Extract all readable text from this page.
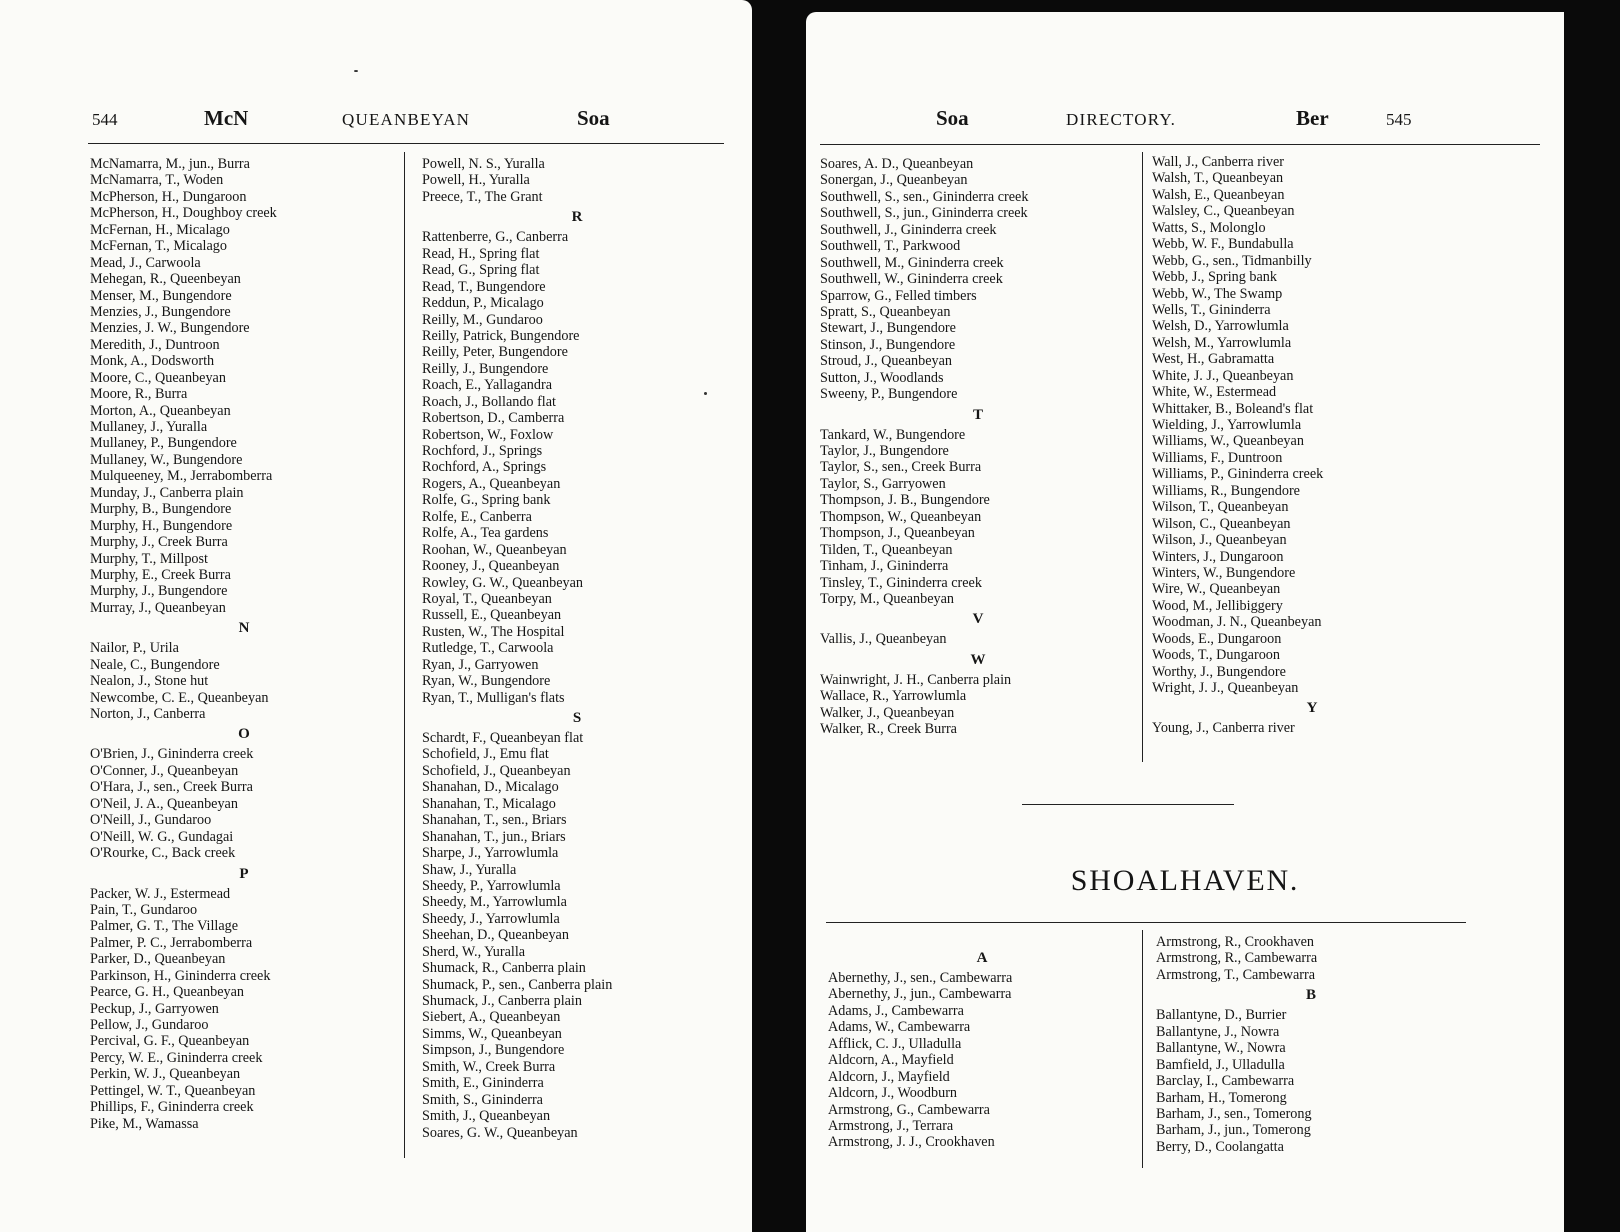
544	McN	QUEANBEYAN	Soa
McNamarra, M., jun., Burra
McNamarra, T., Woden
McPherson, H., Dungaroon
McPherson, H., Doughboy creek
McFernan, H., Micalago
McFernan, T., Micalago
Mead, J., Carwoola
Mehegan, R., Queenbeyan
Menser, M., Bungendore
Menzies, J., Bungendore
Menzies, J. W., Bungendore
Meredith, J., Duntroon
Monk, A., Dodsworth
Moore, C., Queanbeyan
Moore, R., Burra
Morton, A., Queanbeyan
Mullaney, J., Yuralla
Mullaney, P., Bungendore
Mullaney, W., Bungendore
Mulqueeney, M., Jerrabomberra
Munday, J., Canberra plain
Murphy, B., Bungendore
Murphy, H., Bungendore
Murphy, J., Creek Burra
Murphy, T., Millpost
Murphy, E., Creek Burra
Murphy, J., Bungendore
Murray, J., Queanbeyan
N
Nailor, P., Urila
Neale, C., Bungendore
Nealon, J., Stone hut
Newcombe, C. E., Queanbeyan
Norton, J., Canberra
O
O'Brien, J., Gininderra creek
O'Conner, J., Queanbeyan
O'Hara, J., sen., Creek Burra
O'Neil, J. A., Queanbeyan
O'Neill, J., Gundaroo
O'Neill, W. G., Gundagai
O'Rourke, C., Back creek
P
Packer, W. J., Estermead
Pain, T., Gundaroo
Palmer, G. T., The Village
Palmer, P. C., Jerrabomberra
Parker, D., Queanbeyan
Parkinson, H., Gininderra creek
Pearce, G. H., Queanbeyan
Peckup, J., Garryowen
Pellow, J., Gundaroo
Percival, G. F., Queanbeyan
Percy, W. E., Gininderra creek
Perkin, W. J., Queanbeyan
Pettingel, W. T., Queanbeyan
Phillips, F., Gininderra creek
Pike, M., Wamassa
Powell, N. S., Yuralla
Powell, H., Yuralla
Preece, T., The Grant
R
Rattenberre, G., Canberra
Read, H., Spring flat
Read, G., Spring flat
Read, T., Bungendore
Reddun, P., Micalago
Reilly, M., Gundaroo
Reilly, Patrick, Bungendore
Reilly, Peter, Bungendore
Reilly, J., Bungendore
Roach, E., Yallagandra
Roach, J., Bollando flat
Robertson, D., Camberra
Robertson, W., Foxlow
Rochford, J., Springs
Rochford, A., Springs
Rogers, A., Queanbeyan
Rolfe, G., Spring bank
Rolfe, E., Canberra
Rolfe, A., Tea gardens
Roohan, W., Queanbeyan
Rooney, J., Queanbeyan
Rowley, G. W., Queanbeyan
Royal, T., Queanbeyan
Russell, E., Queanbeyan
Rusten, W., The Hospital
Rutledge, T., Carwoola
Ryan, J., Garryowen
Ryan, W., Bungendore
Ryan, T., Mulligan's flats
S
Schardt, F., Queanbeyan flat
Schofield, J., Emu flat
Schofield, J., Queanbeyan
Shanahan, D., Micalago
Shanahan, T., Micalago
Shanahan, T., sen., Briars
Shanahan, T., jun., Briars
Sharpe, J., Yarrowlumla
Shaw, J., Yuralla
Sheedy, P., Yarrowlumla
Sheedy, M., Yarrowlumla
Sheedy, J., Yarrowlumla
Sheehan, D., Queanbeyan
Sherd, W., Yuralla
Shumack, R., Canberra plain
Shumack, P., sen., Canberra plain
Shumack, J., Canberra plain
Siebert, A., Queanbeyan
Simms, W., Queanbeyan
Simpson, J., Bungendore
Smith, W., Creek Burra
Smith, E., Gininderra
Smith, S., Gininderra
Smith, J., Queanbeyan
Soares, G. W., Queanbeyan
Soa	DIRECTORY.	Ber	545
Soares, A. D., Queanbeyan
Sonergan, J., Queanbeyan
Southwell, S., sen., Gininderra creek
Southwell, S., jun., Gininderra creek
Southwell, J., Gininderra creek
Southwell, T., Parkwood
Southwell, M., Gininderra creek
Southwell, W., Gininderra creek
Sparrow, G., Felled timbers
Spratt, S., Queanbeyan
Stewart, J., Bungendore
Stinson, J., Bungendore
Stroud, J., Queanbeyan
Sutton, J., Woodlands
Sweeny, P., Bungendore
T
Tankard, W., Bungendore
Taylor, J., Bungendore
Taylor, S., sen., Creek Burra
Taylor, S., Garryowen
Thompson, J. B., Bungendore
Thompson, W., Queanbeyan
Thompson, J., Queanbeyan
Tilden, T., Queanbeyan
Tinham, J., Gininderra
Tinsley, T., Gininderra creek
Torpy, M., Queanbeyan
V
Vallis, J., Queanbeyan
W
Wainwright, J. H., Canberra plain
Wallace, R., Yarrowlumla
Walker, J., Queanbeyan
Walker, R., Creek Burra
Wall, J., Canberra river
Walsh, T., Queanbeyan
Walsh, E., Queanbeyan
Walsley, C., Queanbeyan
Watts, S., Molonglo
Webb, W. F., Bundabulla
Webb, G., sen., Tidmanbilly
Webb, J., Spring bank
Webb, W., The Swamp
Wells, T., Gininderra
Welsh, D., Yarrowlumla
Welsh, M., Yarrowlumla
West, H., Gabramatta
White, J. J., Queanbeyan
White, W., Estermead
Whittaker, B., Boleand's flat
Wielding, J., Yarrowlumla
Williams, W., Queanbeyan
Williams, F., Duntroon
Williams, P., Gininderra creek
Williams, R., Bungendore
Wilson, T., Queanbeyan
Wilson, C., Queanbeyan
Wilson, J., Queanbeyan
Winters, J., Dungaroon
Winters, W., Bungendore
Wire, W., Queanbeyan
Wood, M., Jellibiggery
Woodman, J. N., Queanbeyan
Woods, E., Dungaroon
Woods, T., Dungaroon
Worthy, J., Bungendore
Wright, J. J., Queanbeyan
Y
Young, J., Canberra river
SHOALHAVEN.
A
Abernethy, J., sen., Cambewarra
Abernethy, J., jun., Cambewarra
Adams, J., Cambewarra
Adams, W., Cambewarra
Afflick, C. J., Ulladulla
Aldcorn, A., Mayfield
Aldcorn, J., Mayfield
Aldcorn, J., Woodburn
Armstrong, G., Cambewarra
Armstrong, J., Terrara
Armstrong, J. J., Crookhaven
Armstrong, R., Crookhaven
Armstrong, R., Cambewarra
Armstrong, T., Cambewarra
B
Ballantyne, D., Burrier
Ballantyne, J., Nowra
Ballantyne, W., Nowra
Bamfield, J., Ulladulla
Barclay, I., Cambewarra
Barham, H., Tomerong
Barham, J., sen., Tomerong
Barham, J., jun., Tomerong
Berry, D., Coolangatta
